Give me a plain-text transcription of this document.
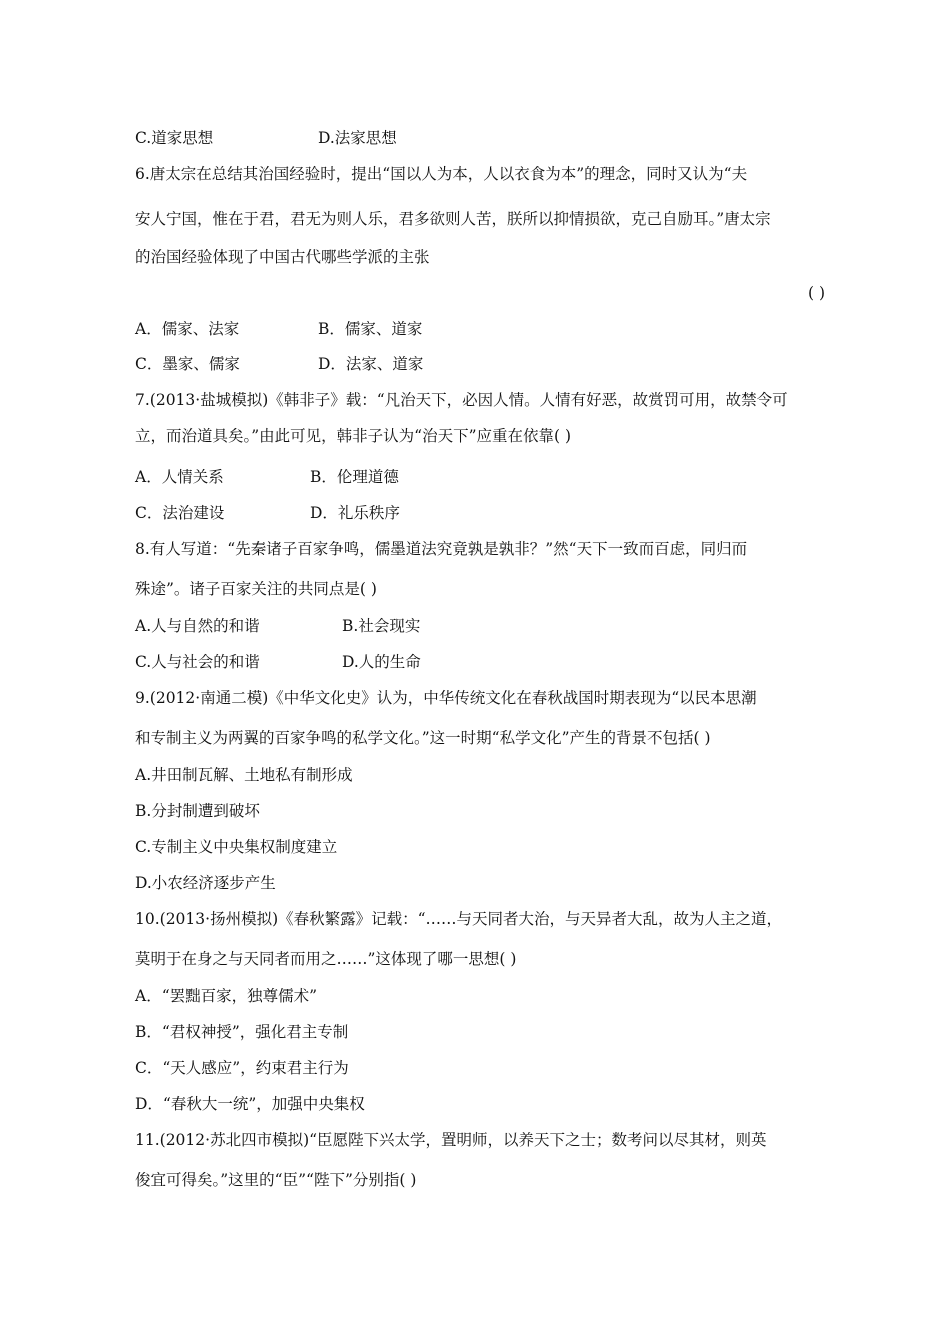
C.道家思想	D.法家思想
6.唐太宗在总结其治国经验时，提出“国以人为本，人以衣食为本”的理念，同时又认为“夫
安人宁国，惟在于君，君无为则人乐，君多欲则人苦，朕所以抑情损欲，克己自励耳。”唐太宗
的治国经验体现了中国古代哪些学派的主张
( )
A．儒家、法家	B．儒家、道家
C．墨家、儒家	D．法家、道家
7.(2013·盐城模拟)《韩非子》载：“凡治天下，必因人情。人情有好恶，故赏罚可用，故禁令可
立，而治道具矣。”由此可见，韩非子认为“治天下”应重在依靠( )
A．人情关系	B．伦理道德
C．法治建设	D．礼乐秩序
8.有人写道：“先秦诸子百家争鸣，儒墨道法究竟孰是孰非？”然“天下一致而百虑，同归而
殊途”。诸子百家关注的共同点是( )
A.人与自然的和谐	B.社会现实
C.人与社会的和谐	D.人的生命
9.(2012·南通二模)《中华文化史》认为，中华传统文化在春秋战国时期表现为“以民本思潮
和专制主义为两翼的百家争鸣的私学文化。”这一时期“私学文化”产生的背景不包括( )
A.井田制瓦解、土地私有制形成
B.分封制遭到破坏
C.专制主义中央集权制度建立
D.小农经济逐步产生
10.(2013·扬州模拟)《春秋繁露》记载：“……与天同者大治，与天异者大乱，故为人主之道，
莫明于在身之与天同者而用之……”这体现了哪一思想( )
A．“罢黜百家，独尊儒术”
B．“君权神授”，强化君主专制
C．“天人感应”，约束君主行为
D．“春秋大一统”，加强中央集权
11.(2012·苏北四市模拟)“臣愿陛下兴太学，置明师，以养天下之士；数考问以尽其材，则英
俊宜可得矣。”这里的“臣”“陛下”分别指( )
